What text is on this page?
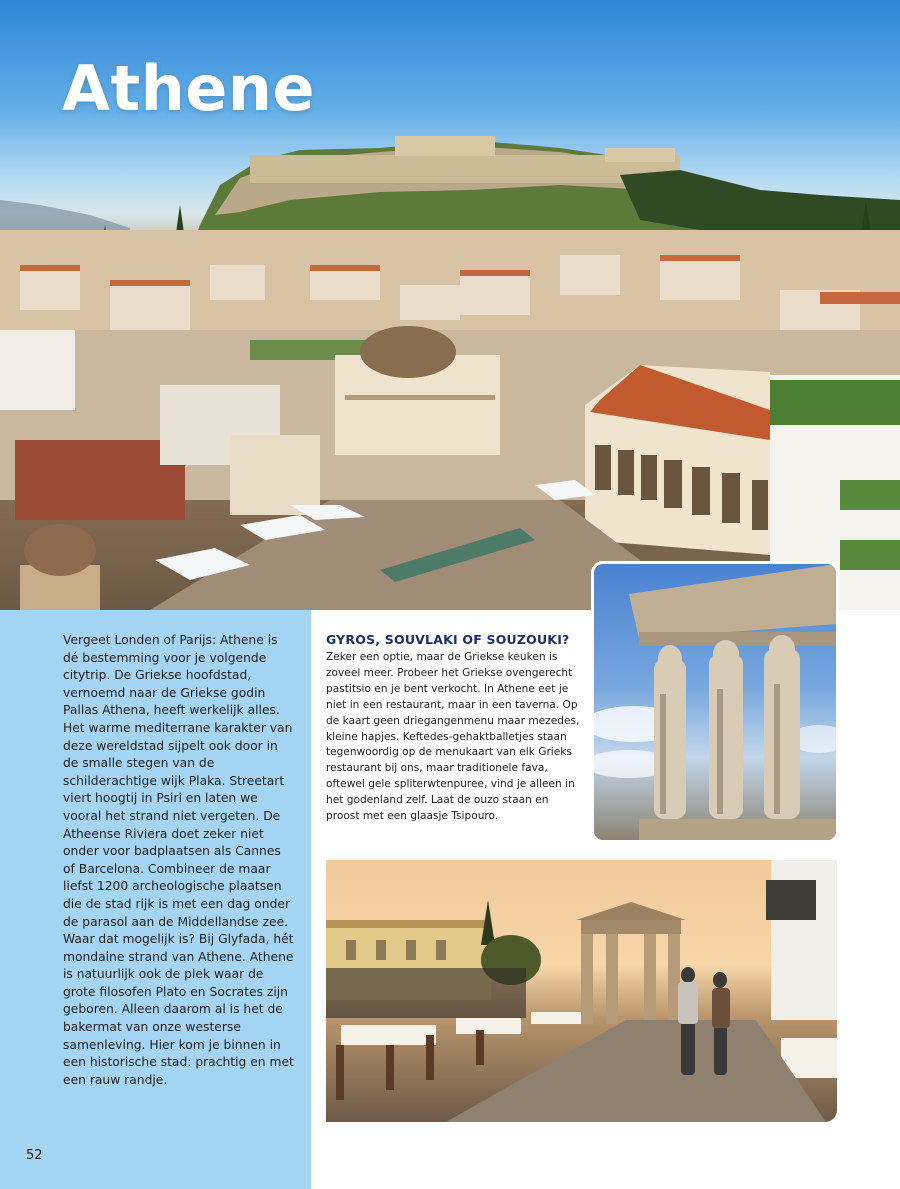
Athene

Vergeet Londen of Parijs: Athene is dé bestemming voor je volgende citytrip. De Griekse hoofdstad, vernoemd naar de Griekse godin Pallas Athena, heeft werkelijk alles. Het warme mediterrane karakter van deze wereldstad sijpelt ook door in de smalle stegen van de schilderachtige wijk Plaka. Streetart viert hoogtij in Psiri en laten we vooral het strand niet vergeten. De Atheense Riviera doet zeker niet onder voor badplaatsen als Cannes of Barcelona. Combineer de maar liefst 1200 archeologische plaatsen die de stad rijk is met een dag onder de parasol aan de Middellandse zee. Waar dat mogelijk is? Bij Glyfada, hét mondaine strand van Athene. Athene is natuurlijk ook de plek waar de grote filosofen Plato en Socrates zijn geboren. Alleen daarom al is het de bakermat van onze westerse samenleving. Hier kom je binnen in een historische stad: prachtig en met een rauw randje.

52
GYROS, SOUVLAKI OF SOUZOUKI?

Zeker een optie, maar de Griekse keuken is zoveel meer. Probeer het Griekse ovengerecht pastitsio en je bent verkocht. In Athene eet je niet in een restaurant, maar in een taverna. Op de kaart geen driegangenmenu maar mezedes, kleine hapjes. Keftedes-gehaktballetjes staan tegenwoordig op de menukaart van elk Grieks restaurant bij ons, maar traditionele fava, oftewel gele spliterwtenpuree, vind je alleen in het godenland zelf. Laat de ouzo staan en proost met een glaasje Tsipouro.
